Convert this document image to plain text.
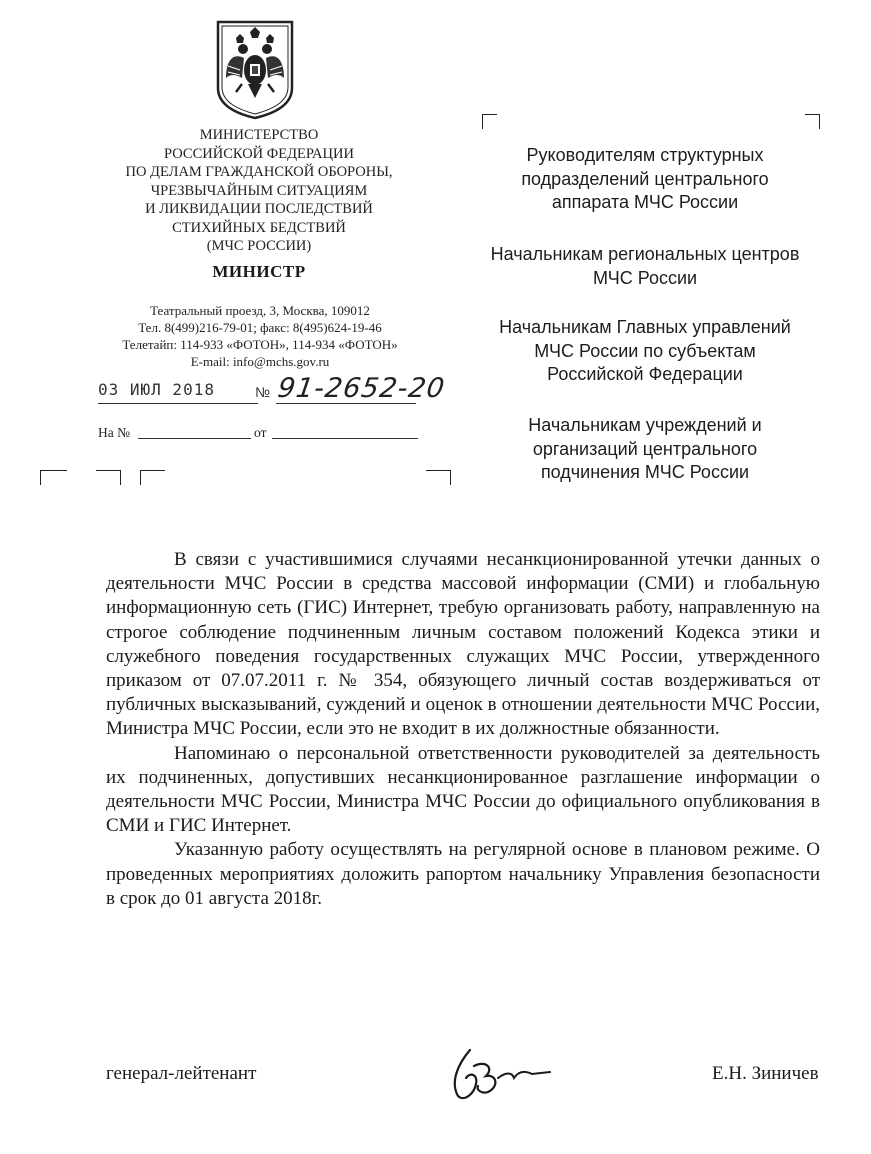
МИНИСТЕРСТВО
РОССИЙСКОЙ ФЕДЕРАЦИИ
ПО ДЕЛАМ ГРАЖДАНСКОЙ ОБОРОНЫ,
ЧРЕЗВЫЧАЙНЫМ СИТУАЦИЯМ
И ЛИКВИДАЦИИ ПОСЛЕДСТВИЙ
СТИХИЙНЫХ БЕДСТВИЙ
(МЧС РОССИИ)
МИНИСТР
Театральный проезд, 3, Москва, 109012
Тел. 8(499)216-79-01; факс: 8(495)624-19-46
Телетайп: 114-933 «ФОТОН», 114-934 «ФОТОН»
E-mail: info@mchs.gov.ru
03 ИЮЛ 2018	№ 91-2652-20
На №	от
Руководителям структурных
подразделений центрального
аппарата МЧС России
Начальникам региональных центров
МЧС России
Начальникам Главных управлений
МЧС России по субъектам
Российской Федерации
Начальникам учреждений и
организаций центрального
подчинения МЧС России

В связи с участившимися случаями несанкционированной утечки данных о деятельности МЧС России в средства массовой информации (СМИ) и глобальную информационную сеть (ГИС) Интернет, требую организовать работу, направленную на строгое соблюдение подчиненным личным составом положений Кодекса этики и служебного поведения государственных служащих МЧС России, утвержденного приказом от 07.07.2011 г. № 354, обязующего личный состав воздерживаться от публичных высказываний, суждений и оценок в отношении деятельности МЧС России, Министра МЧС России, если это не входит в их должностные обязанности.

Напоминаю о персональной ответственности руководителей за деятельность их подчиненных, допустивших несанкционированное разглашение информации о деятельности МЧС России, Министра МЧС России до официального опубликования в СМИ и ГИС Интернет.

Указанную работу осуществлять на регулярной основе в плановом режиме. О проведенных мероприятиях доложить рапортом начальнику Управления безопасности в срок до 01 августа 2018г.

генерал-лейтенант	Е.Н. Зиничев
